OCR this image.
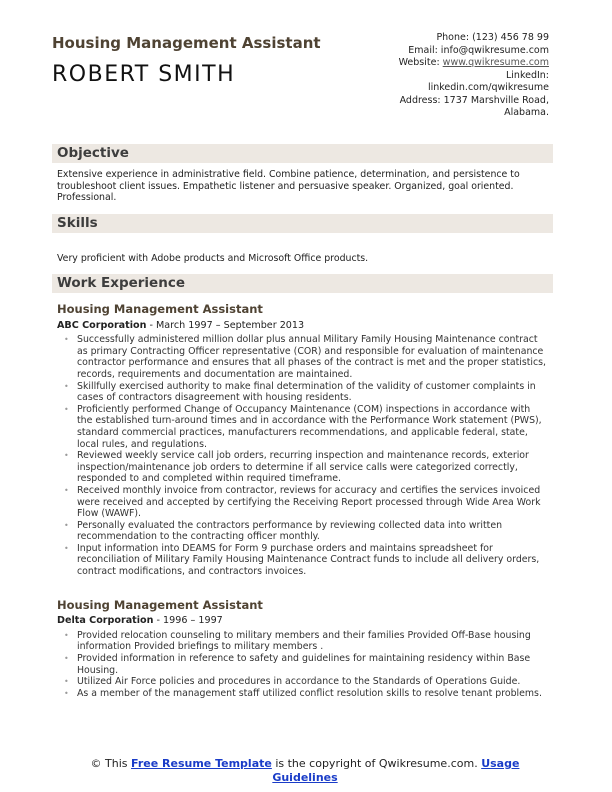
Housing Management Assistant
ROBERT SMITH
Phone: (123) 456 78 99
Email: info@qwikresume.com
Website: www.qwikresume.com
LinkedIn:
linkedin.com/qwikresume
Address: 1737 Marshville Road,
Alabama.
Objective
Extensive experience in administrative field. Combine patience, determination, and persistence to troubleshoot client issues. Empathetic listener and persuasive speaker. Organized, goal oriented. Professional.
Skills
Very proficient with Adobe products and Microsoft Office products.
Work Experience
Housing Management Assistant
ABC Corporation - March 1997 – September 2013
• Successfully administered million dollar plus annual Military Family Housing Maintenance contract as primary Contracting Officer representative (COR) and responsible for evaluation of maintenance contractor performance and ensures that all phases of the contract is met and the proper statistics, records, requirements and documentation are maintained.
• Skillfully exercised authority to make final determination of the validity of customer complaints in cases of contractors disagreement with housing residents.
• Proficiently performed Change of Occupancy Maintenance (COM) inspections in accordance with the established turn-around times and in accordance with the Performance Work statement (PWS), standard commercial practices, manufacturers recommendations, and applicable federal, state, local rules, and regulations.
• Reviewed weekly service call job orders, recurring inspection and maintenance records, exterior inspection/maintenance job orders to determine if all service calls were categorized correctly, responded to and completed within required timeframe.
• Received monthly invoice from contractor, reviews for accuracy and certifies the services invoiced were received and accepted by certifying the Receiving Report processed through Wide Area Work Flow (WAWF).
• Personally evaluated the contractors performance by reviewing collected data into written recommendation to the contracting officer monthly.
• Input information into DEAMS for Form 9 purchase orders and maintains spreadsheet for reconciliation of Military Family Housing Maintenance Contract funds to include all delivery orders, contract modifications, and contractors invoices.
Housing Management Assistant
Delta Corporation - 1996 – 1997
• Provided relocation counseling to military members and their families Provided Off-Base housing information Provided briefings to military members .
• Provided information in reference to safety and guidelines for maintaining residency within Base Housing.
• Utilized Air Force policies and procedures in accordance to the Standards of Operations Guide.
• As a member of the management staff utilized conflict resolution skills to resolve tenant problems.
© This Free Resume Template is the copyright of Qwikresume.com. Usage Guidelines
